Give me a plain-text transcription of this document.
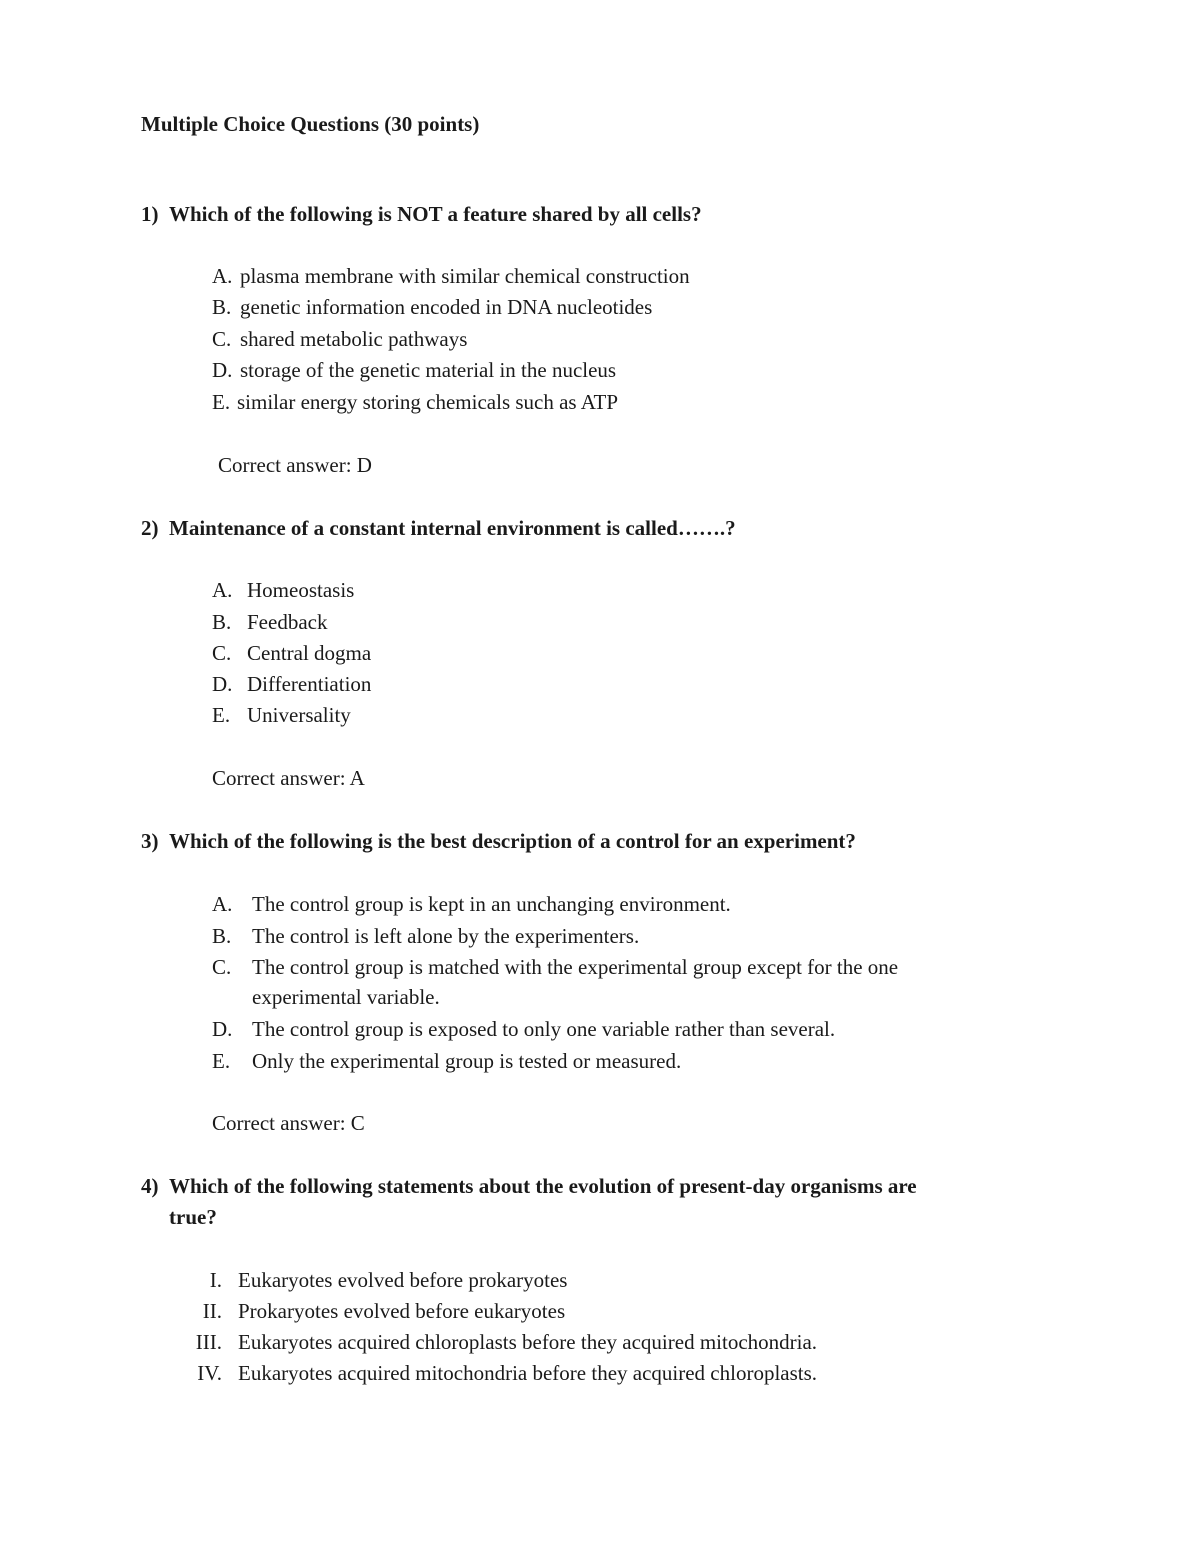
Multiple Choice Questions (30 points)
1) Which of the following is NOT a feature shared by all cells?
A. plasma membrane with similar chemical construction
B. genetic information encoded in DNA nucleotides
C. shared metabolic pathways
D. storage of the genetic material in the nucleus
E. similar energy storing chemicals such as ATP
Correct answer: D
2) Maintenance of a constant internal environment is called…….?
A. Homeostasis
B. Feedback
C. Central dogma
D. Differentiation
E. Universality
Correct answer: A
3) Which of the following is the best description of a control for an experiment?
A. The control group is kept in an unchanging environment.
B. The control is left alone by the experimenters.
C. The control group is matched with the experimental group except for the one
experimental variable.
D. The control group is exposed to only one variable rather than several.
E. Only the experimental group is tested or measured.
Correct answer: C
4) Which of the following statements about the evolution of present-day organisms are
true?
I. Eukaryotes evolved before prokaryotes
II. Prokaryotes evolved before eukaryotes
III. Eukaryotes acquired chloroplasts before they acquired mitochondria.
IV. Eukaryotes acquired mitochondria before they acquired chloroplasts.
